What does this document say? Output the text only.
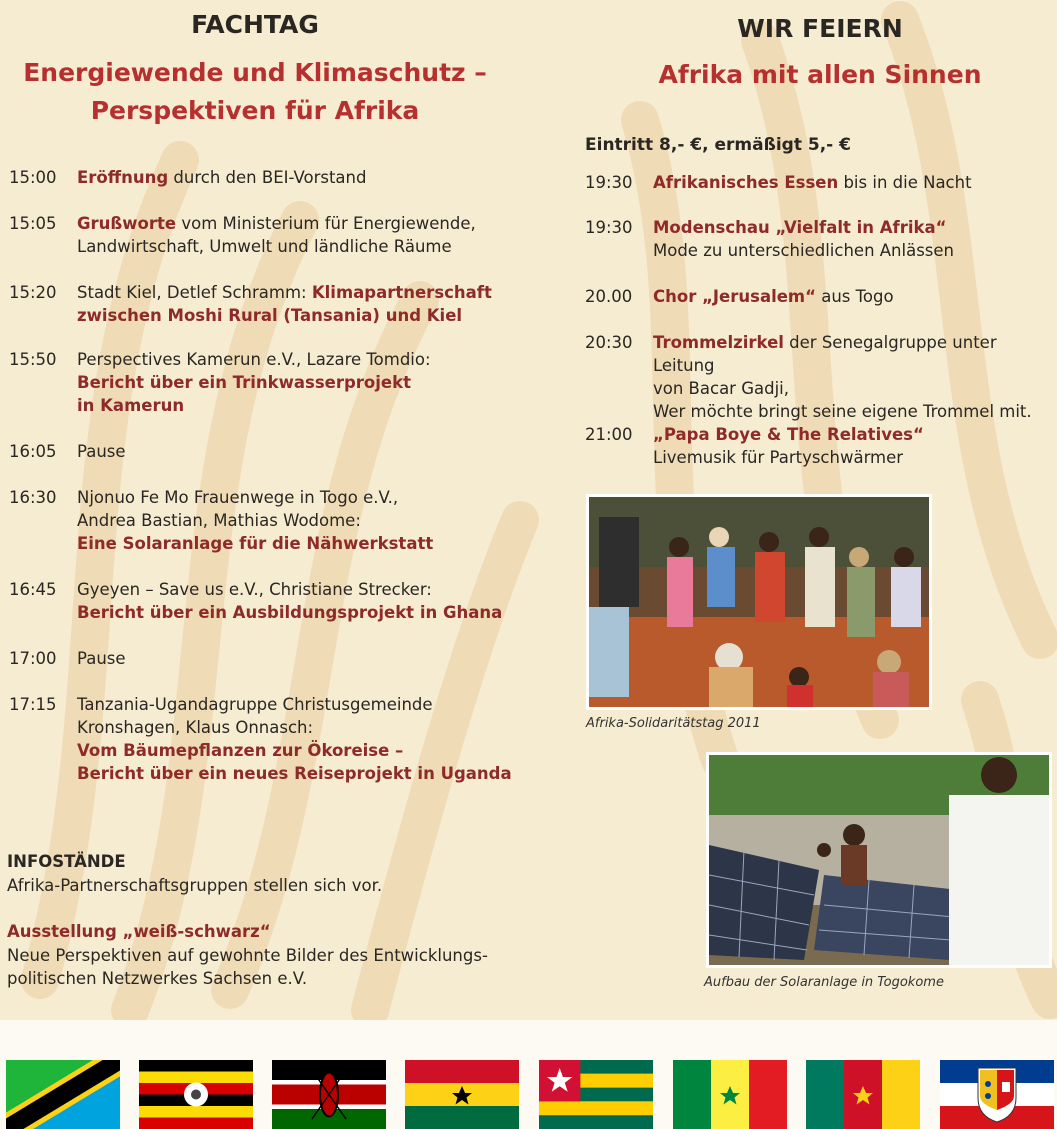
FACHTAG
Energiewende und Klimaschutz –
Perspektiven für Afrika
15:00	Eröffnung durch den BEI-Vorstand
15:05	Grußworte vom Ministerium für Energiewende,
Landwirtschaft, Umwelt und ländliche Räume
15:20	Stadt Kiel, Detlef Schramm: Klimapartnerschaft
zwischen Moshi Rural (Tansania) und Kiel
15:50	Perspectives Kamerun e.V., Lazare Tomdio:
Bericht über ein Trinkwasserprojekt
in Kamerun
16:05	Pause
16:30	Njonuo Fe Mo Frauenwege in Togo e.V.,
Andrea Bastian, Mathias Wodome:
Eine Solaranlage für die Nähwerkstatt
16:45	Gyeyen – Save us e.V., Christiane Strecker:
Bericht über ein Ausbildungsprojekt in Ghana
17:00	Pause
17:15	Tanzania-Ugandagruppe Christusgemeinde
Kronshagen, Klaus Onnasch:
Vom Bäumepflanzen zur Ökoreise –
Bericht über ein neues Reiseprojekt in Uganda
INFOSTÄNDE
Afrika-Partnerschaftsgruppen stellen sich vor.
Ausstellung „weiß-schwarz“
Neue Perspektiven auf gewohnte Bilder des Entwicklungs-
politischen Netzwerkes Sachsen e.V.
WIR FEIERN
Afrika mit allen Sinnen
Eintritt 8,- €, ermäßigt 5,- €
19:30	Afrikanisches Essen bis in die Nacht
19:30	Modenschau „Vielfalt in Afrika“
Mode zu unterschiedlichen Anlässen
20.00	Chor „Jerusalem“ aus Togo
20:30	Trommelzirkel der Senegalgruppe unter Leitung
von Bacar Gadji,
Wer möchte bringt seine eigene Trommel mit.
21:00	„Papa Boye & The Relatives“
Livemusik für Partyschwärmer
Afrika-Solidaritätstag 2011
Aufbau der Solaranlage in Togokome
